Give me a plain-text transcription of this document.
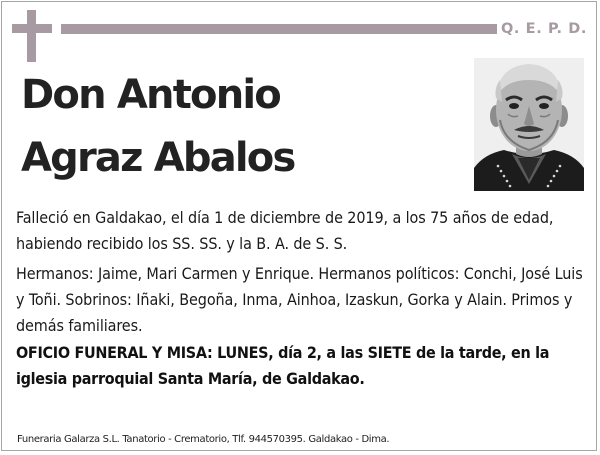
Q. E. P. D.
Don Antonio
Agraz Abalos
Falleció en Galdakao, el día 1 de diciembre de 2019, a los 75 años de edad, habiendo recibido los SS. SS. y la B. A. de S. S.
Hermanos: Jaime, Mari Carmen y Enrique. Hermanos políticos: Conchi, José Luis y Toñi. Sobrinos: Iñaki, Begoña, Inma, Ainhoa, Izaskun, Gorka y Alain. Primos y demás familiares.
OFICIO FUNERAL Y MISA: LUNES, día 2, a las SIETE de la tarde, en la iglesia parroquial Santa María, de Galdakao.
Funeraria Galarza S.L. Tanatorio - Crematorio, Tlf. 944570395. Galdakao - Dima.
